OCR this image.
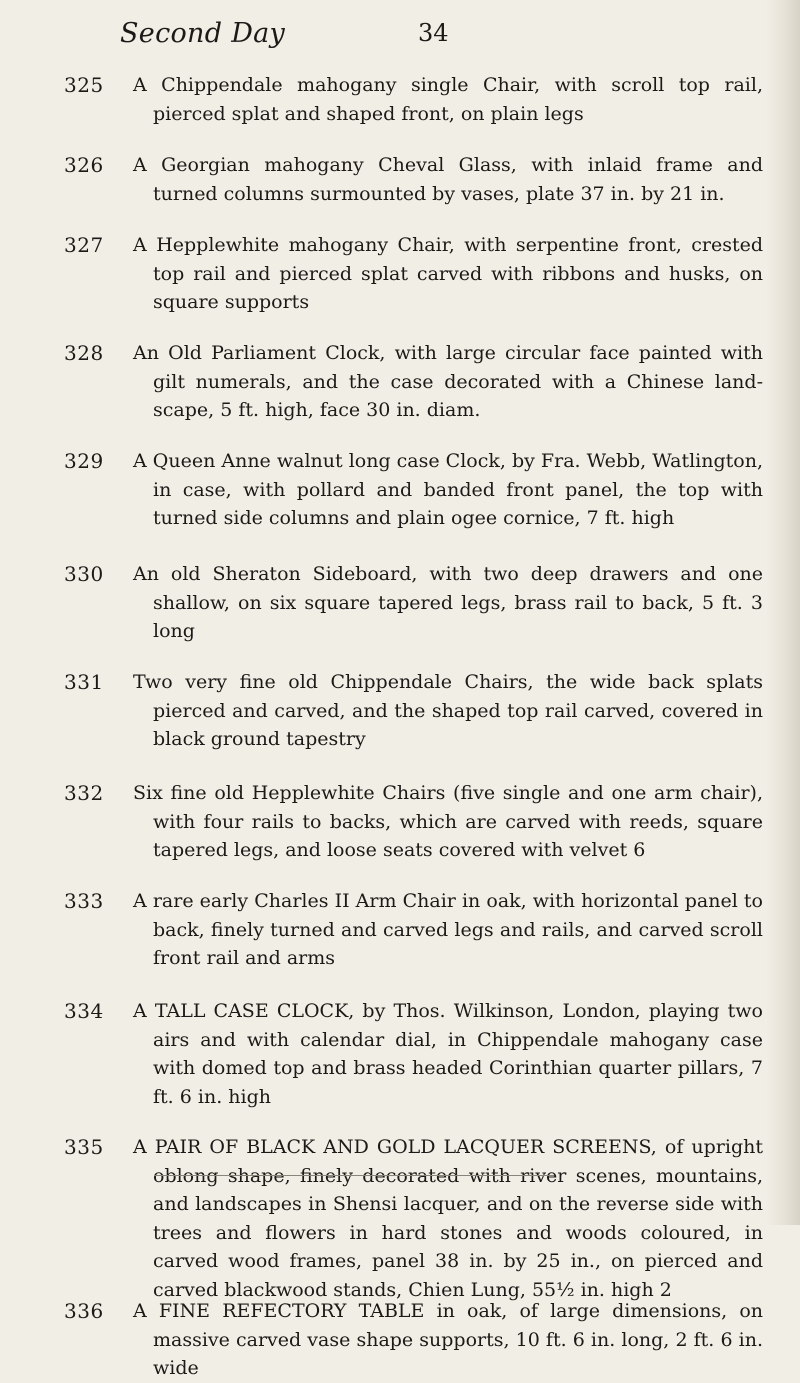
Second Day	34
325	A Chippendale mahogany single Chair, with scroll top rail, pierced splat and shaped front, on plain legs
326	A Georgian mahogany Cheval Glass, with inlaid frame and turned columns surmounted by vases, plate 37 in. by 21 in.
327	A Hepplewhite mahogany Chair, with serpentine front, crested top rail and pierced splat carved with ribbons and husks, on square supports
328	An Old Parliament Clock, with large circular face painted with gilt numerals, and the case decorated with a Chinese land-scape, 5 ft. high, face 30 in. diam.
329	A Queen Anne walnut long case Clock, by Fra. Webb, Watlington, in case, with pollard and banded front panel, the top with turned side columns and plain ogee cornice, 7 ft. high
330	An old Sheraton Sideboard, with two deep drawers and one shallow, on six square tapered legs, brass rail to back, 5 ft. 3 long
331	Two very fine old Chippendale Chairs, the wide back splats pierced and carved, and the shaped top rail carved, covered in black ground tapestry
332	Six fine old Hepplewhite Chairs (five single and one arm chair), with four rails to backs, which are carved with reeds, square tapered legs, and loose seats covered with velvet 6
333	A rare early Charles II Arm Chair in oak, with horizontal panel to back, finely turned and carved legs and rails, and carved scroll front rail and arms
334	A TALL CASE CLOCK, by Thos. Wilkinson, London, playing two airs and with calendar dial, in Chippendale mahogany case with domed top and brass headed Corinthian quarter pillars, 7 ft. 6 in. high
335	A PAIR OF BLACK AND GOLD LACQUER SCREENS, of upright oblong shape, finely decorated with river scenes, mountains, and landscapes in Shensi lacquer, and on the reverse side with trees and flowers in hard stones and woods coloured, in carved wood frames, panel 38 in. by 25 in., on pierced and carved blackwood stands, Chien Lung, 55½ in. high 2
336	A FINE REFECTORY TABLE in oak, of large dimensions, on massive carved vase shape supports, 10 ft. 6 in. long, 2 ft. 6 in. wide
